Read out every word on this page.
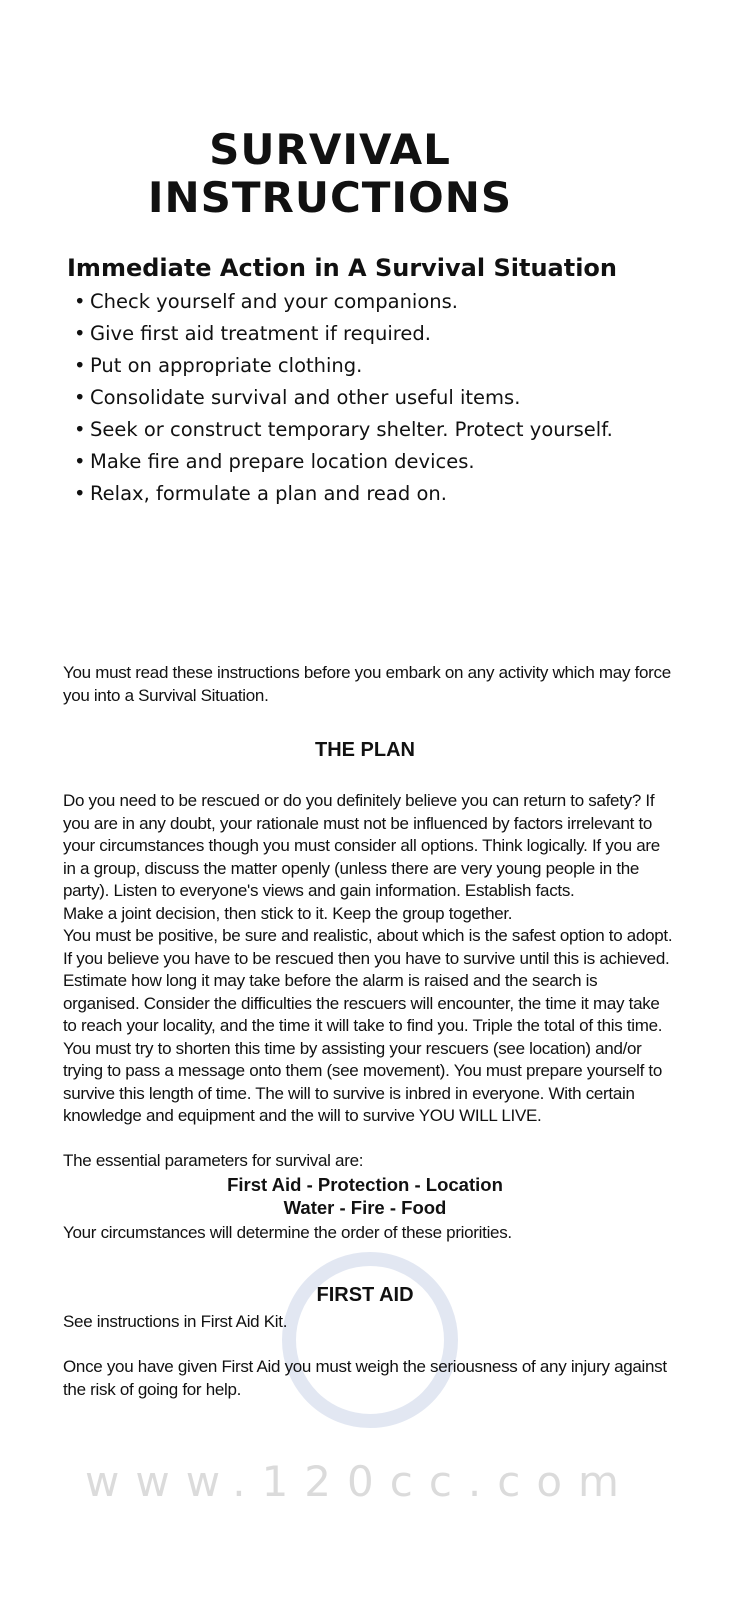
SURVIVAL
INSTRUCTIONS
Immediate Action in A Survival Situation
• Check yourself and your companions.
• Give first aid treatment if required.
• Put on appropriate clothing.
• Consolidate survival and other useful items.
• Seek or construct temporary shelter. Protect yourself.
• Make fire and prepare location devices.
• Relax, formulate a plan and read on.
You must read these instructions before you embark on any activity which may force you into a Survival Situation.
THE PLAN

Do you need to be rescued or do you definitely believe you can return to safety? If you are in any doubt, your rationale must not be influenced by factors irrelevant to your circumstances though you must consider all options. Think logically. If you are in a group, discuss the matter openly (unless there are very young people in the party). Listen to everyone's views and gain information. Establish facts.

Make a joint decision, then stick to it. Keep the group together.

You must be positive, be sure and realistic, about which is the safest option to adopt. If you believe you have to be rescued then you have to survive until this is achieved. Estimate how long it may take before the alarm is raised and the search is organised. Consider the difficulties the rescuers will encounter, the time it may take to reach your locality, and the time it will take to find you. Triple the total of this time. You must try to shorten this time by assisting your rescuers (see location) and/or trying to pass a message onto them (see movement). You must prepare yourself to survive this length of time. The will to survive is inbred in everyone. With certain knowledge and equipment and the will to survive YOU WILL LIVE.

The essential parameters for survival are:
First Aid - Protection - Location
Water - Fire - Food
Your circumstances will determine the order of these priorities.
FIRST AID
See instructions in First Aid Kit.
Once you have given First Aid you must weigh the seriousness of any injury against the risk of going for help.
www.120cc.com
